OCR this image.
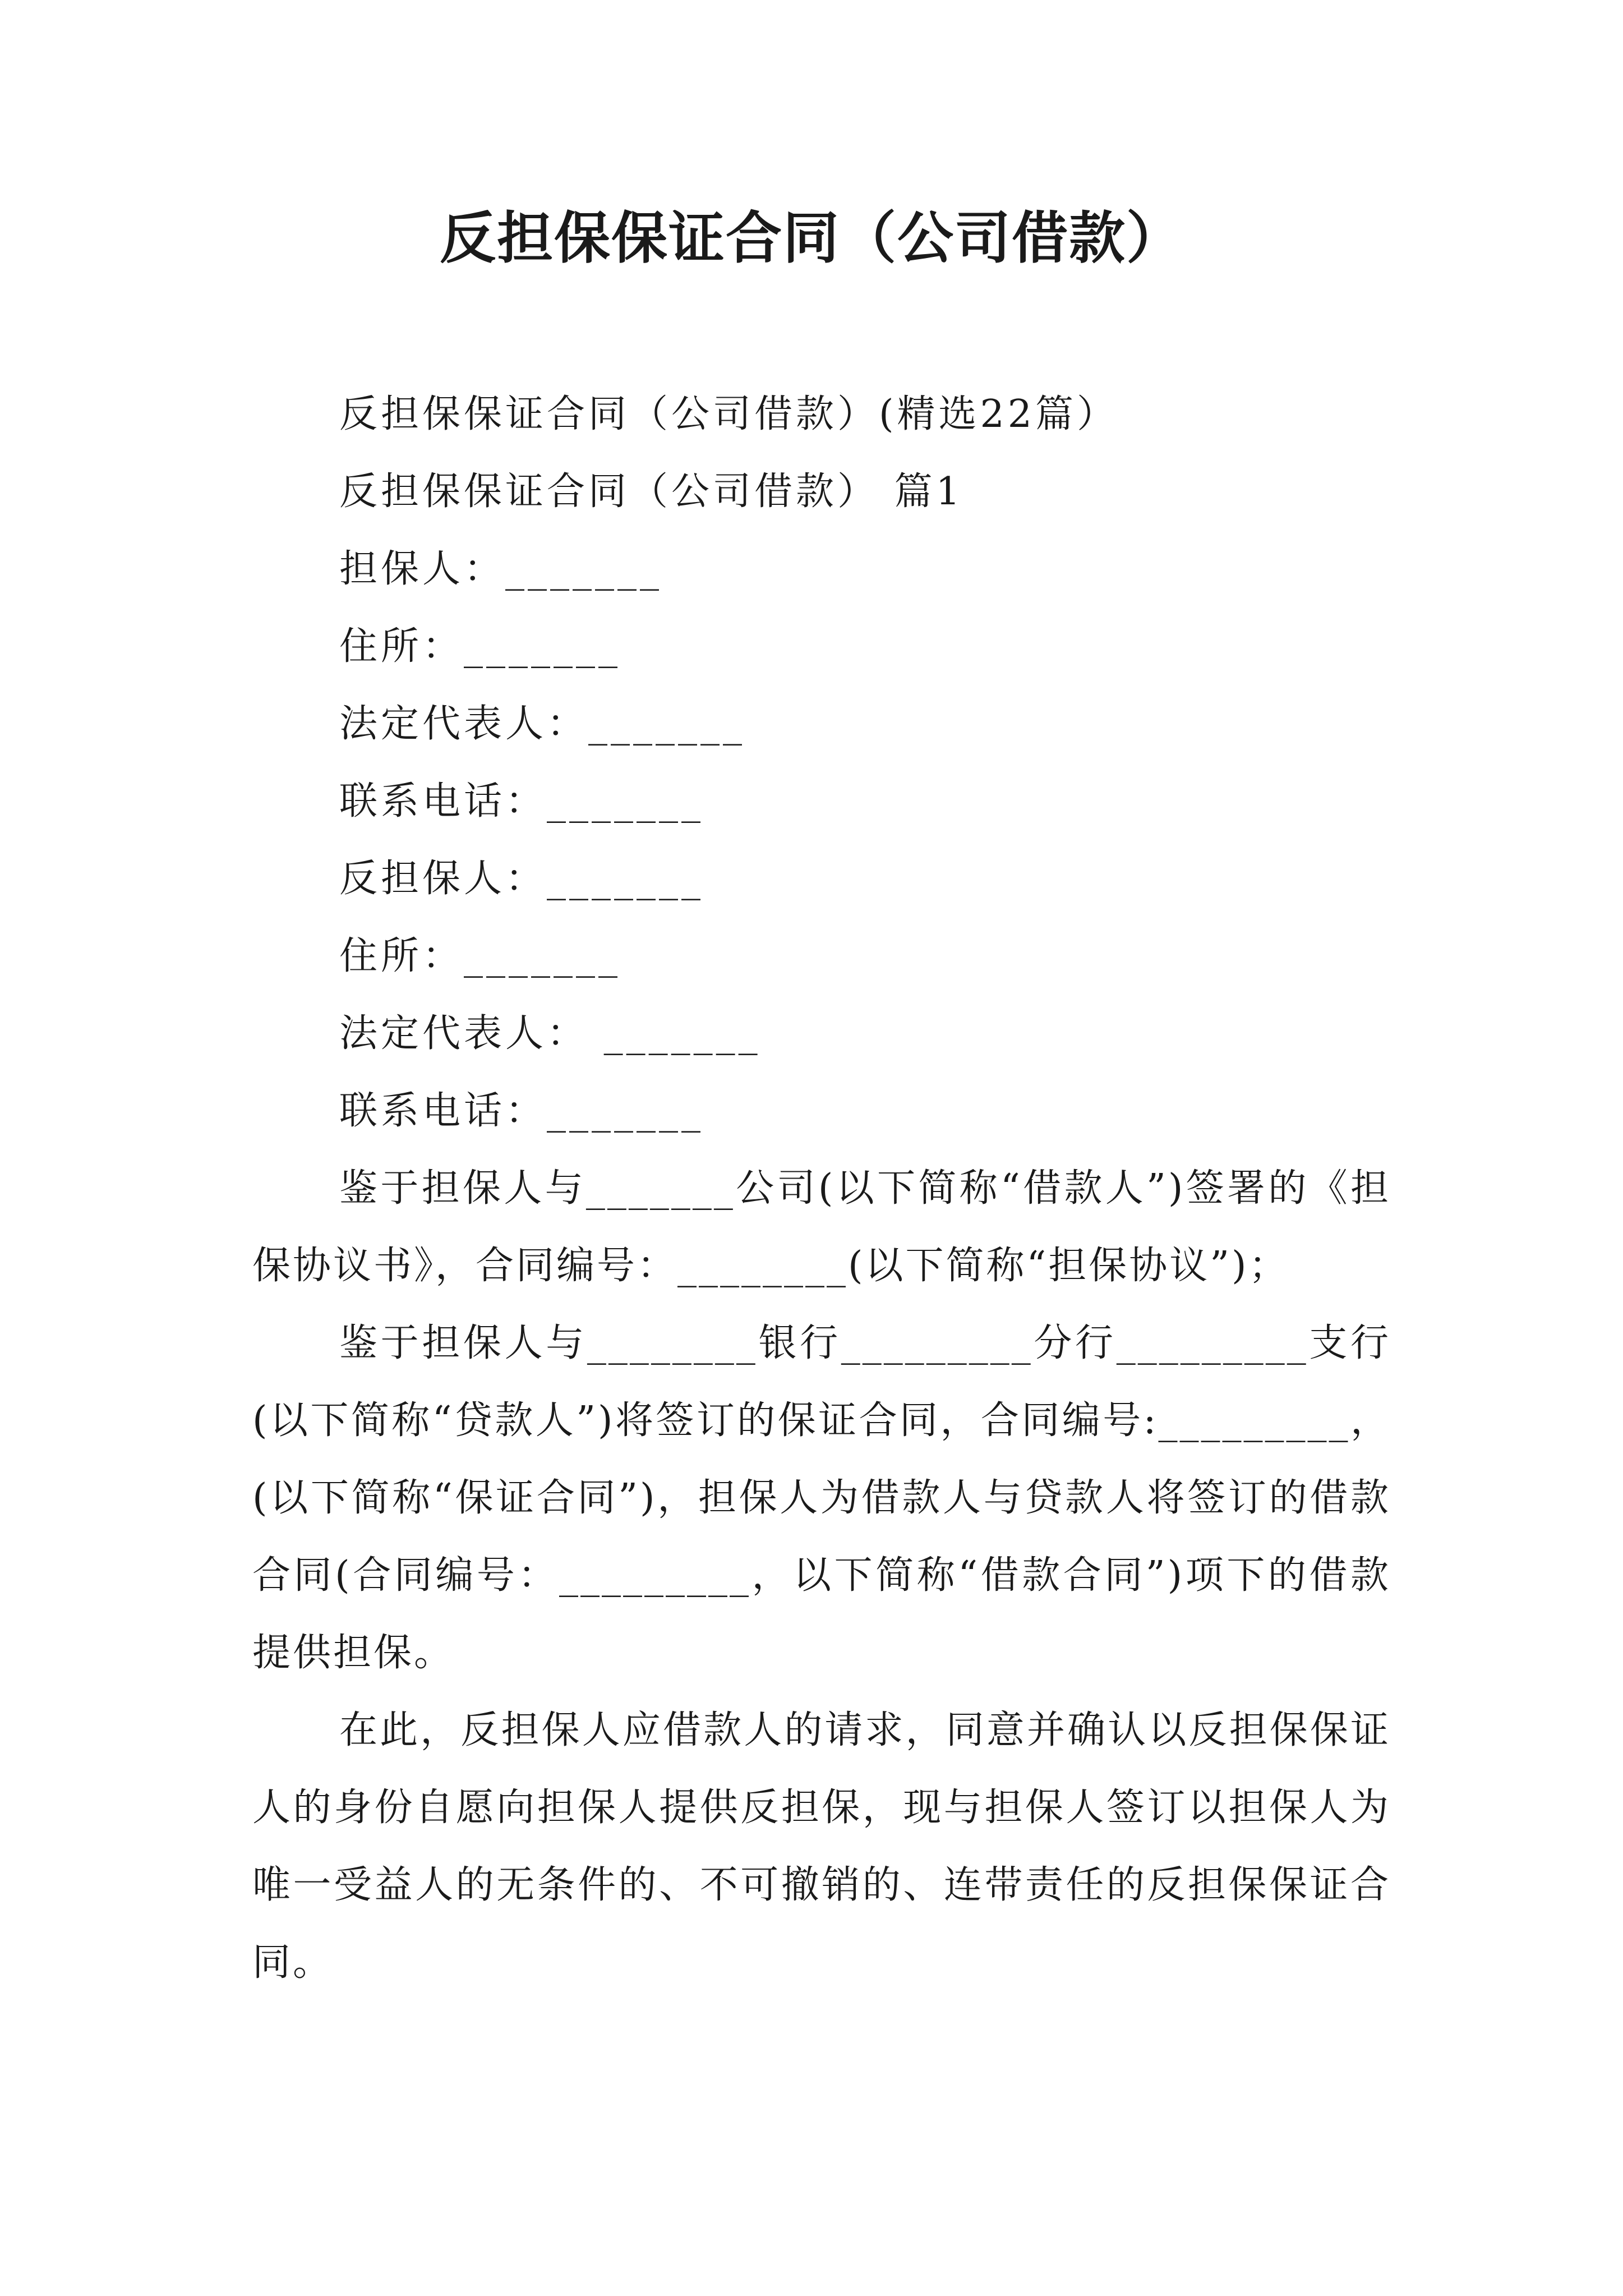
反担保保证合同（公司借款）

反担保保证合同（公司借款）(精选22篇）

反担保保证合同（公司借款） 篇1

担保人：_______

住所：_______

法定代表人：_______

联系电话：_______

反担保人：_______

住所：_______

法定代表人： _______

联系电话：_______

鉴于担保人与_______公司(以下简称“借款人”)签署的《担保协议书》，合同编号：________(以下简称“担保协议”)；

鉴于担保人与________银行_________分行_________支行(以下简称“贷款人”)将签订的保证合同，合同编号:_________，(以下简称“保证合同”)，担保人为借款人与贷款人将签订的借款合同(合同编号：_________，以下简称“借款合同”)项下的借款提供担保。

在此，反担保人应借款人的请求，同意并确认以反担保保证人的身份自愿向担保人提供反担保，现与担保人签订以担保人为唯一受益人的无条件的、不可撤销的、连带责任的反担保保证合同。
